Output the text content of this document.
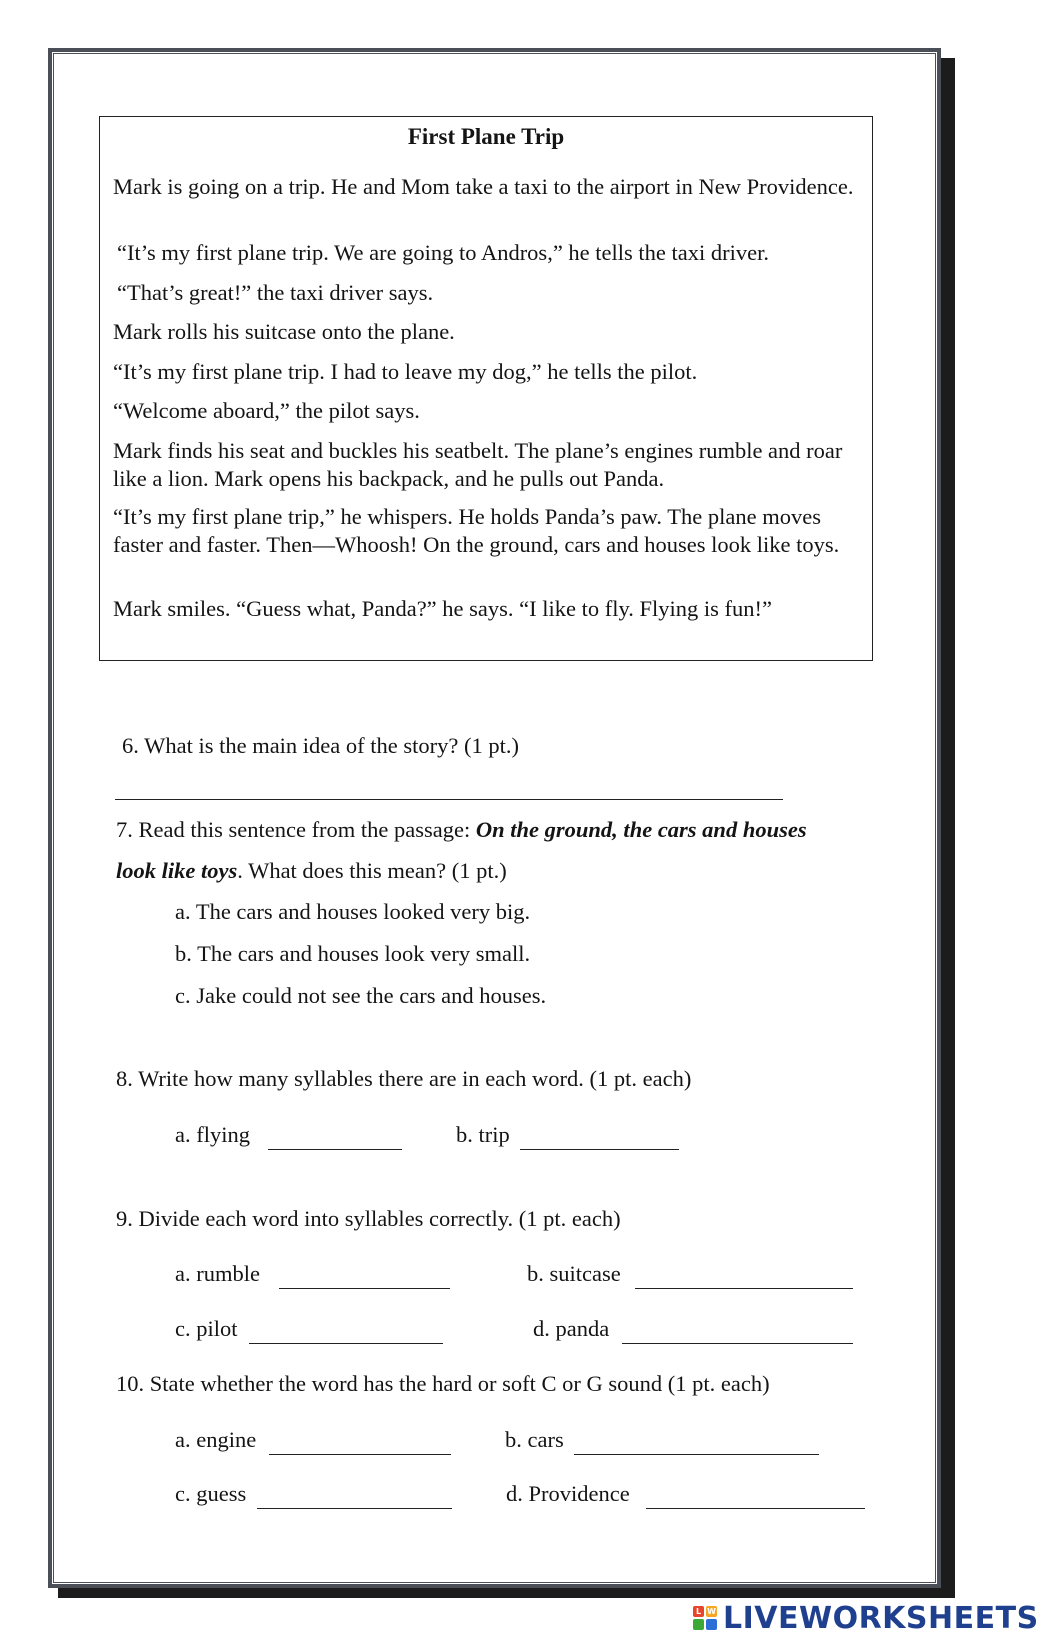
First Plane Trip
Mark is going on a trip. He and Mom take a taxi to the airport in New Providence.
“It’s my first plane trip. We are going to Andros,” he tells the taxi driver.
“That’s great!” the taxi driver says.
Mark rolls his suitcase onto the plane.
“It’s my first plane trip. I had to leave my dog,” he tells the pilot.
“Welcome aboard,” the pilot says.
Mark finds his seat and buckles his seatbelt. The plane’s engines rumble and roar like a lion. Mark opens his backpack, and he pulls out Panda.
“It’s my first plane trip,” he whispers. He holds Panda’s paw. The plane moves faster and faster. Then—Whoosh! On the ground, cars and houses look like toys.
Mark smiles. “Guess what, Panda?” he says. “I like to fly. Flying is fun!”
6. What is the main idea of the story? (1 pt.)
7. Read this sentence from the passage: On the ground, the cars and houses
look like toys. What does this mean? (1 pt.)
a. The cars and houses looked very big.
b. The cars and houses look very small.
c. Jake could not see the cars and houses.
8. Write how many syllables there are in each word. (1 pt. each)
a. flying	b. trip
9. Divide each word into syllables correctly. (1 pt. each)
a. rumble	b. suitcase
c. pilot	d. panda
10. State whether the word has the hard or soft C or G sound (1 pt. each)
a. engine	b. cars
c. guess	d. Providence
L W

LIVEWORKSHEETS
